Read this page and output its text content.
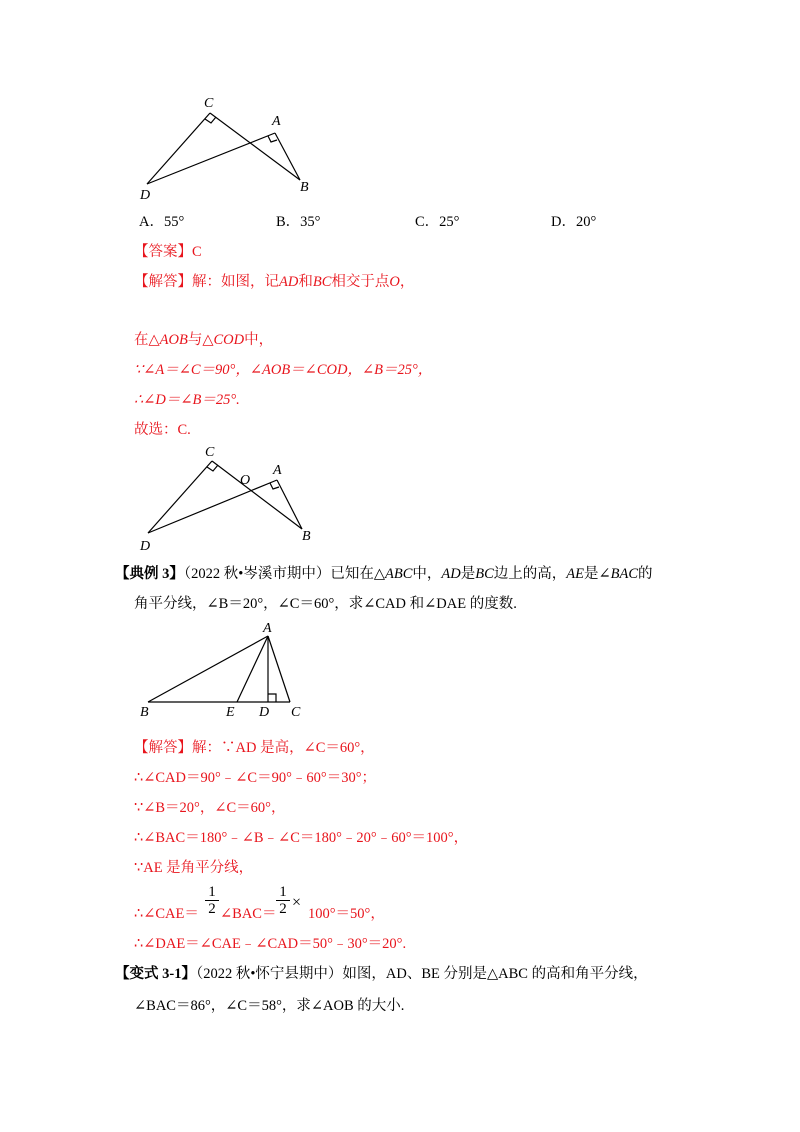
C
A
D
B
A．55°	B．35°	C．25°	D．20°
【答案】C
【解答】解：如图，记AD和BC相交于点O，
在△AOB与△COD中，
∵∠A＝∠C＝90°，∠AOB＝∠COD，∠B＝25°，
∴∠D＝∠B＝25°.
故选：C.
C
O
A
D
B
【典例 3】（2022 秋•岑溪市期中）已知在△ABC中，AD是BC边上的高，AE是∠BAC的
角平分线，∠B＝20°，∠C＝60°，求∠CAD 和∠DAE 的度数.
A
B	E D C
【解答】解：∵AD 是高，∠C＝60°，
∴∠CAD＝90°﹣∠C＝90°﹣60°＝30°；
∵∠B＝20°，∠C＝60°，
∴∠BAC＝180°﹣∠B﹣∠C＝180°﹣20°﹣60°＝100°，
∵AE 是角平分线，
∴∠CAE＝
1
2 ∠BAC＝
1
2 ×
100°＝50°，
∴∠DAE＝∠CAE﹣∠CAD＝50°﹣30°＝20°.
【变式 3-1】（2022 秋•怀宁县期中）如图，AD、BE 分别是△ABC 的高和角平分线，
∠BAC＝86°，∠C＝58°，求∠AOB 的大小.
